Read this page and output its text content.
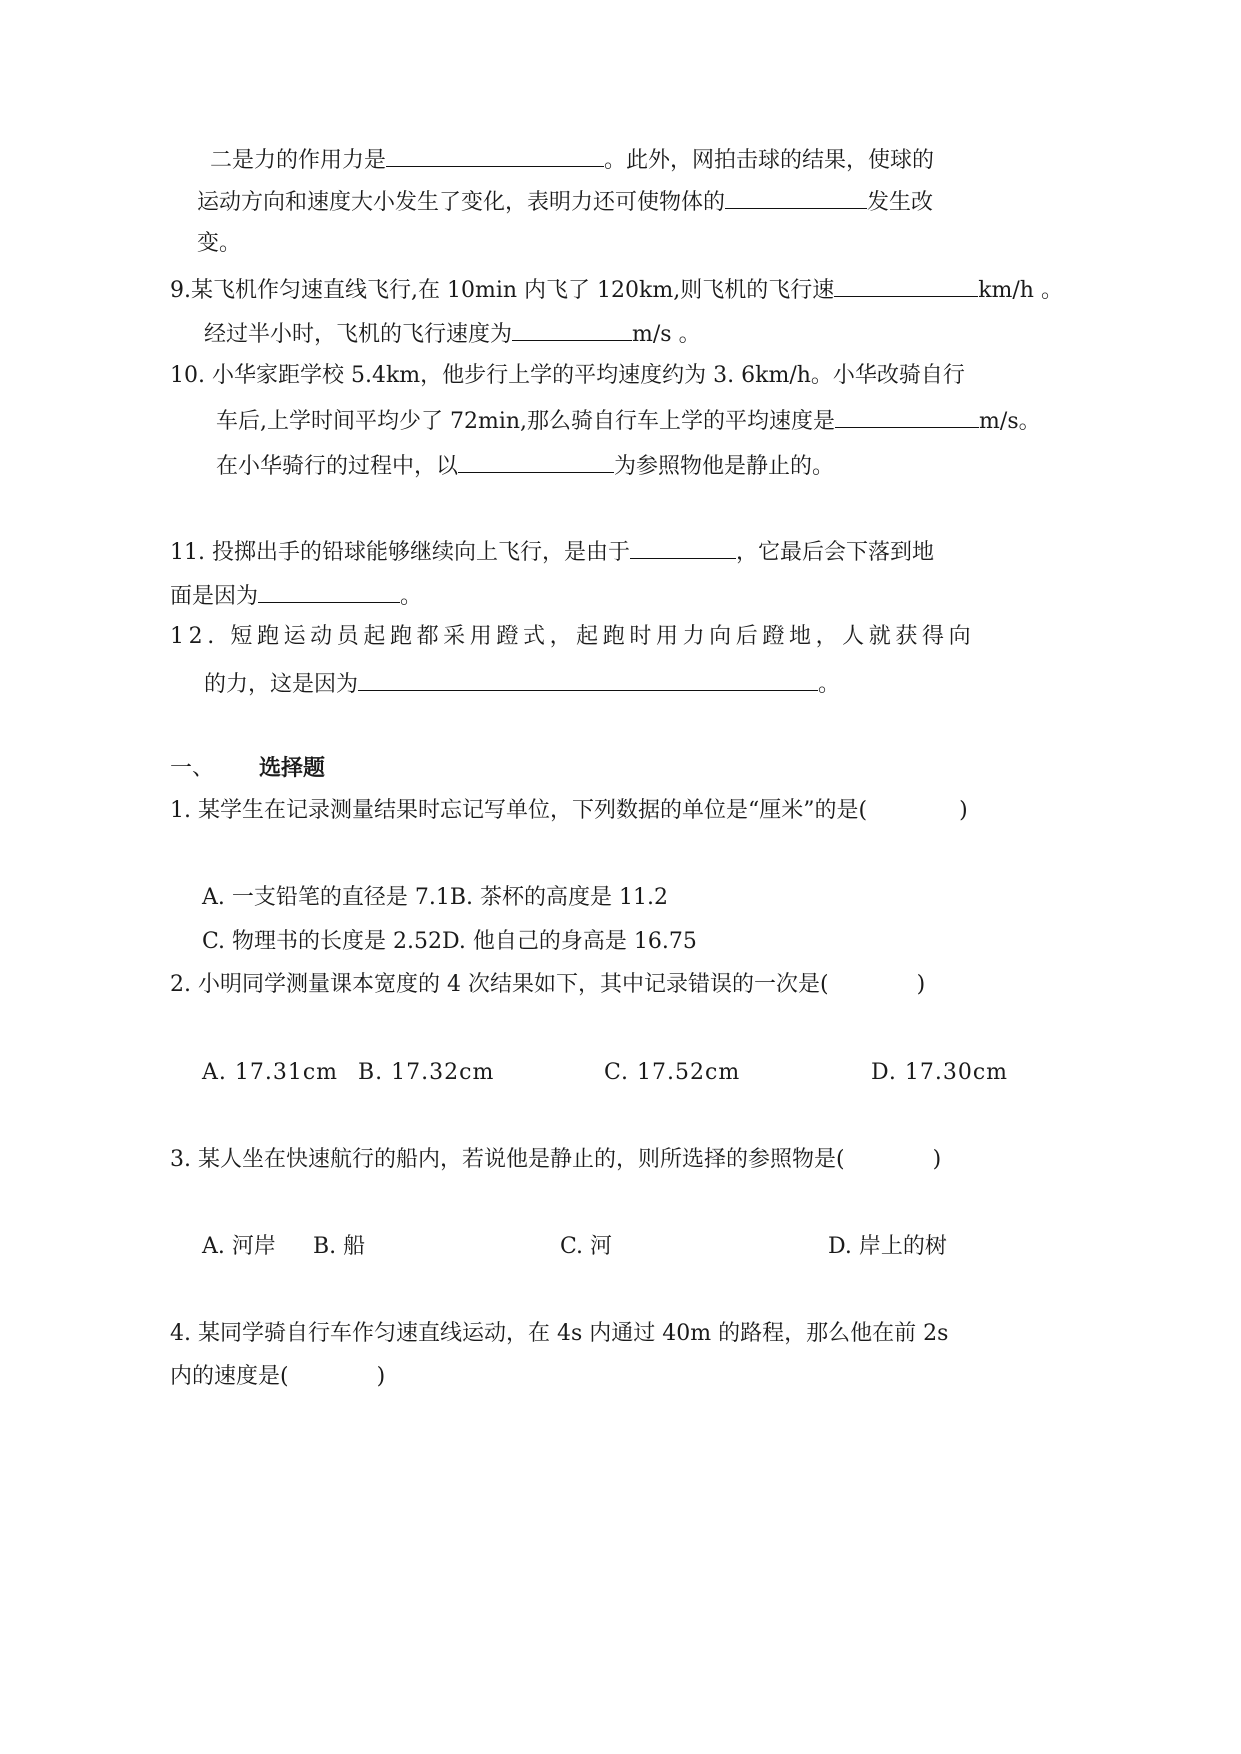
二是力的作用力是	。此外，网拍击球的结果，使球的
运动方向和速度大小发生了变化，表明力还可使物体的	发生改
变。
9.某飞机作匀速直线飞行,在 10min 内飞了 120km,则飞机的飞行速	km/h 。
经过半小时，飞机的飞行速度为	m/s 。
10. 小华家距学校 5.4km，他步行上学的平均速度约为 3. 6km/h。小华改骑自行
车后,上学时间平均少了 72min,那么骑自行车上学的平均速度是	m/s。
在小华骑行的过程中，以	为参照物他是静止的。
11. 投掷出手的铅球能够继续向上飞行，是由于	，它最后会下落到地
面是因为	。
12. 短跑运动员起跑都采用蹬式，起跑时用力向后蹬地，人就获得向
的力，这是因为	。
一、 选择题
1. 某学生在记录测量结果时忘记写单位，下列数据的单位是“厘米”的是(	)
A. 一支铅笔的直径是 7.1B. 茶杯的高度是 11.2
C. 物理书的长度是 2.52D. 他自己的身高是 16.75
2. 小明同学测量课本宽度的 4 次结果如下，其中记录错误的一次是(	)
A. 17.31cm B. 17.32cm	C. 17.52cm	D. 17.30cm
3. 某人坐在快速航行的船内，若说他是静止的，则所选择的参照物是(	)
A. 河岸 B. 船	C. 河	D. 岸上的树
4. 某同学骑自行车作匀速直线运动，在 4s 内通过 40m 的路程，那么他在前 2s
内的速度是(	)
